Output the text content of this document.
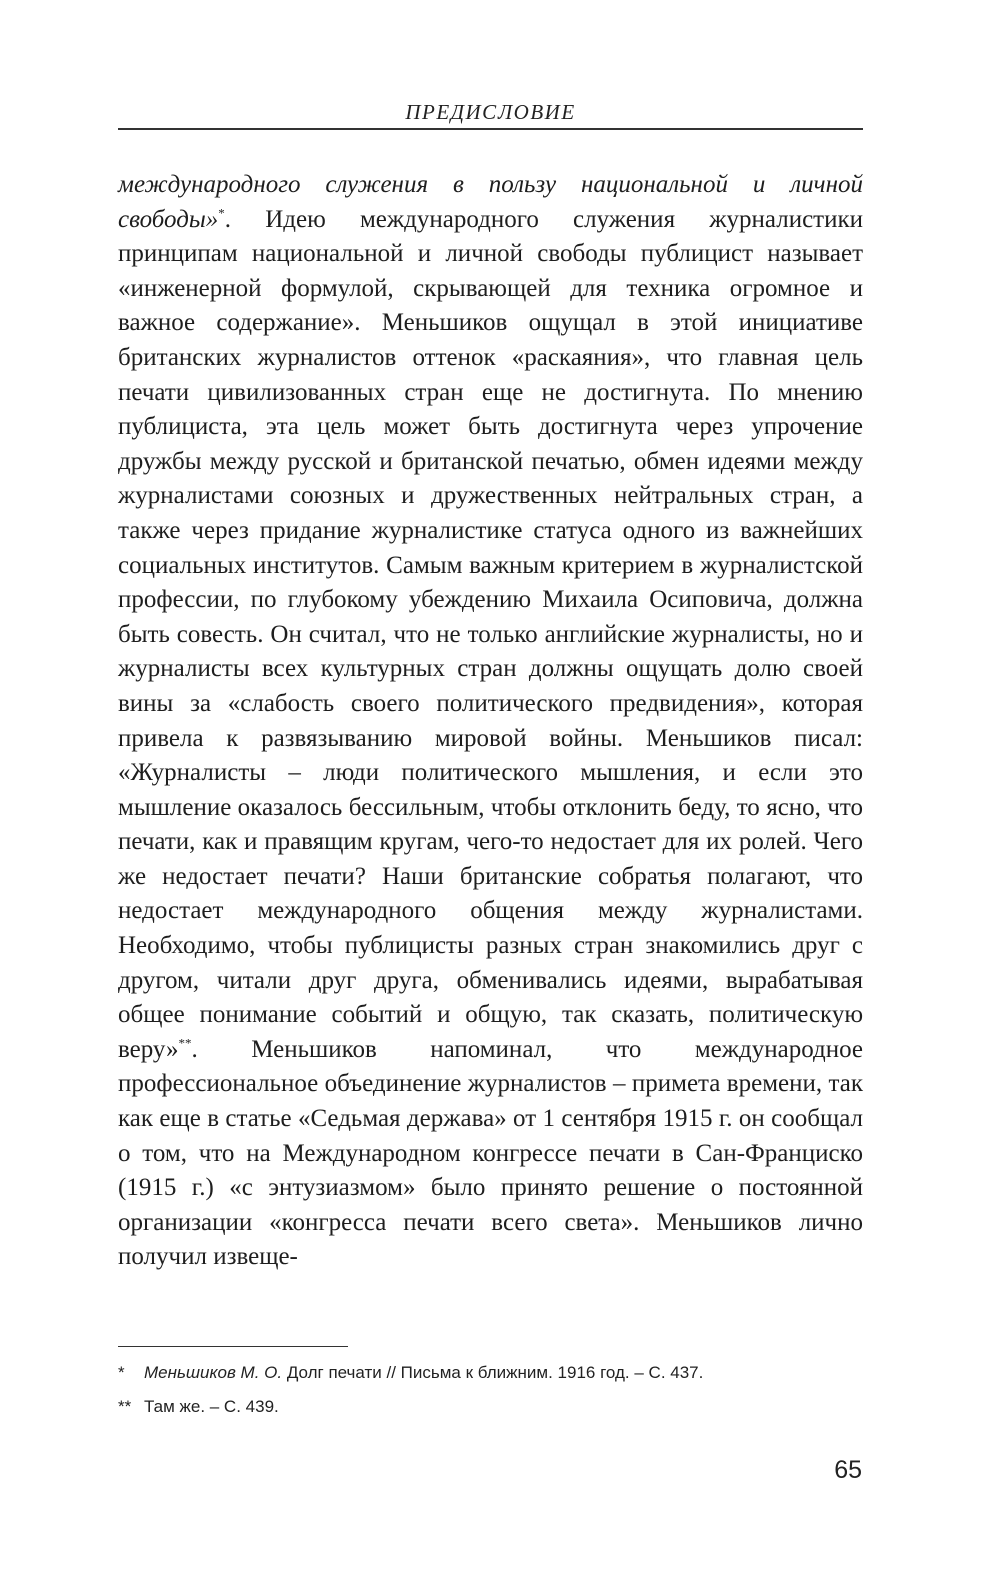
ПРЕДИСЛОВИЕ

международного служения в пользу национальной и личной свободы»*. Идею международного служения журналистики принципам национальной и личной свободы публицист называет «инженерной формулой, скрывающей для техника огромное и важное содержание». Меньшиков ощущал в этой инициативе британских журналистов оттенок «раскаяния», что главная цель печати цивилизованных стран еще не достигнута. По мнению публициста, эта цель может быть достигнута через упрочение дружбы между русской и британской печатью, обмен идеями между журналистами союзных и дружественных нейтральных стран, а также через придание журналистике статуса одного из важнейших социальных институтов. Самым важным критерием в журналистской профессии, по глубокому убеждению Михаила Осиповича, должна быть совесть. Он считал, что не только английские журналисты, но и журналисты всех культурных стран должны ощущать долю своей вины за «слабость своего политического предвидения», которая привела к развязыванию мировой войны. Меньшиков писал: «Журналисты – люди политического мышления, и если это мышление оказалось бессильным, чтобы отклонить беду, то ясно, что печати, как и правящим кругам, чего-то недостает для их ролей. Чего же недостает печати? Наши британские собратья полагают, что недостает международного общения между журналистами. Необходимо, чтобы публицисты разных стран знакомились друг с другом, читали друг друга, обменивались идеями, вырабатывая общее понимание событий и общую, так сказать, политическую веру»**. Меньшиков напоминал, что международное профессиональное объединение журналистов – примета времени, так как еще в статье «Седьмая держава» от 1 сентября 1915 г. он сообщал о том, что на Международном конгрессе печати в Сан-Франциско (1915 г.) «с энтузиазмом» было принято решение о постоянной организации «конгресса печати всего света». Меньшиков лично получил извеще-

*	Меньшиков М. О. Долг печати // Письма к ближним. 1916 год. – С. 437.
** Там же. – С. 439.
65
